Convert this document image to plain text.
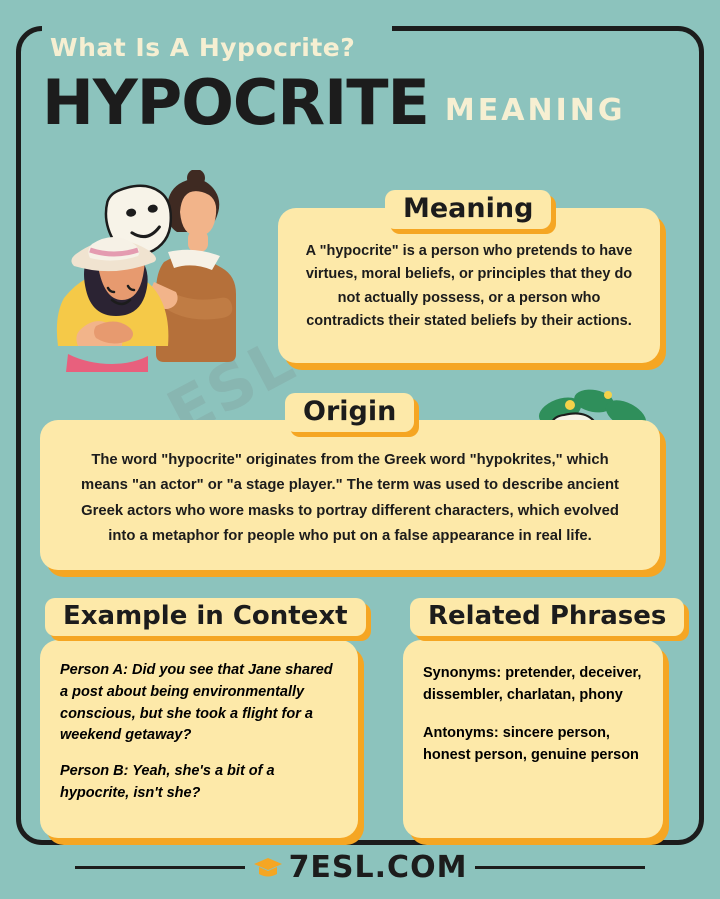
What Is A Hypocrite?
HYPOCRITE MEANING
ESL
A "hypocrite" is a person who pretends to have virtues, moral beliefs, or principles that they do not actually possess, or a person who contradicts their stated beliefs by their actions.
Meaning
The word "hypocrite" originates from the Greek word "hypokrites," which means "an actor" or "a stage player." The term was used to describe ancient Greek actors who wore masks to portray different characters, which evolved into a metaphor for people who put on a false appearance in real life.
Origin
Example in Context

Person A: Did you see that Jane shared a post about being environmentally conscious, but she took a flight for a weekend getaway?

Person B: Yeah, she's a bit of a hypocrite, isn't she?

Related Phrases

Synonyms: pretender, deceiver, dissembler, charlatan, phony

Antonyms: sincere person, honest person, genuine person

7ESL.COM
